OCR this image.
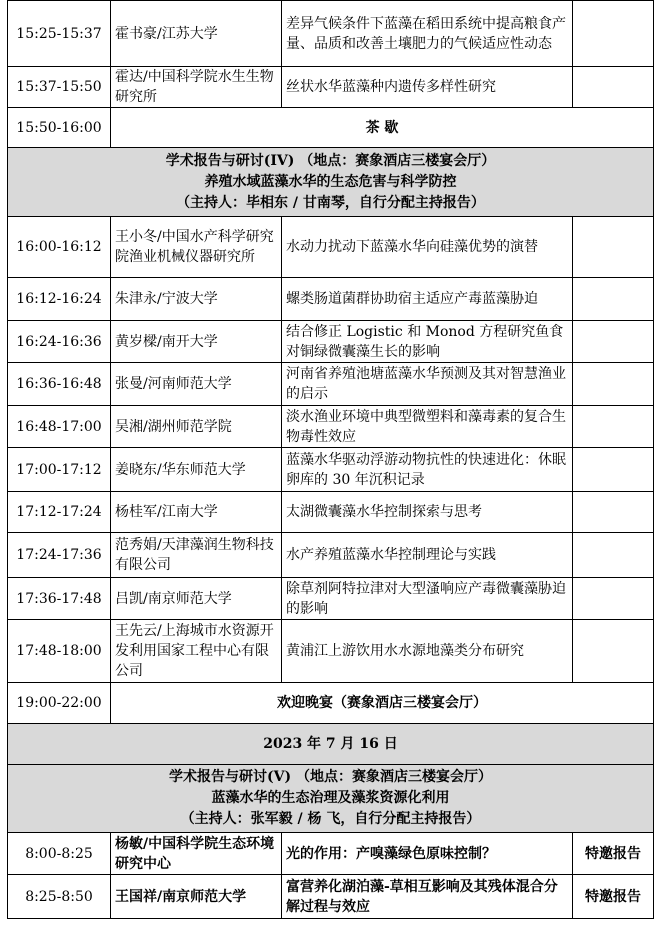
15:25-15:37	霍书豪/江苏大学	差异气候条件下蓝藻在稻田系统中提高粮食产量、品质和改善土壤肥力的气候适应性动态	
15:37-15:50	霍达/中国科学院水生生物研究所	丝状水华蓝藻种内遗传多样性研究	
15:50-16:00	茶 歇		

学术报告与研讨(IV) （地点：赛象酒店三楼宴会厅）
养殖水域蓝藻水华的生态危害与科学防控
（主持人：毕相东 / 甘南琴，自行分配主持报告）			

16:00-16:12	王小冬/中国水产科学研究院渔业机械仪器研究所	水动力扰动下蓝藻水华向硅藻优势的演替	
16:12-16:24	朱津永/宁波大学	螺类肠道菌群协助宿主适应产毒蓝藻胁迫	
16:24-16:36	黄岁樑/南开大学	结合修正 Logistic 和 Monod 方程研究鱼食对铜绿微囊藻生长的影响	
16:36-16:48	张曼/河南师范大学	河南省养殖池塘蓝藻水华预测及其对智慧渔业的启示	
16:48-17:00	吴湘/湖州师范学院	淡水渔业环境中典型微塑料和藻毒素的复合生物毒性效应	
17:00-17:12	姜晓东/华东师范大学	蓝藻水华驱动浮游动物抗性的快速进化：休眠卵库的 30 年沉积记录	
17:12-17:24	杨桂军/江南大学	太湖微囊藻水华控制探索与思考	
17:24-17:36	范秀娟/天津藻润生物科技有限公司	水产养殖蓝藻水华控制理论与实践	
17:36-17:48	吕凯/南京师范大学	除草剂阿特拉津对大型溞响应产毒微囊藻胁迫的影响	
17:48-18:00	王先云/上海城市水资源开发利用国家工程中心有限公司	黄浦江上游饮用水水源地藻类分布研究	
19:00-22:00	欢迎晚宴（赛象酒店三楼宴会厅）		
2023 年 7 月 16 日			

学术报告与研讨(V) （地点：赛象酒店三楼宴会厅）
蓝藻水华的生态治理及藻浆资源化利用
（主持人：张军毅 / 杨 飞，自行分配主持报告）			

8:00-8:25	杨敏/中国科学院生态环境研究中心	光的作用：产嗅藻绿色原味控制？	特邀报告
8:25-8:50	王国祥/南京师范大学	富营养化湖泊藻-草相互影响及其残体混合分解过程与效应	特邀报告
